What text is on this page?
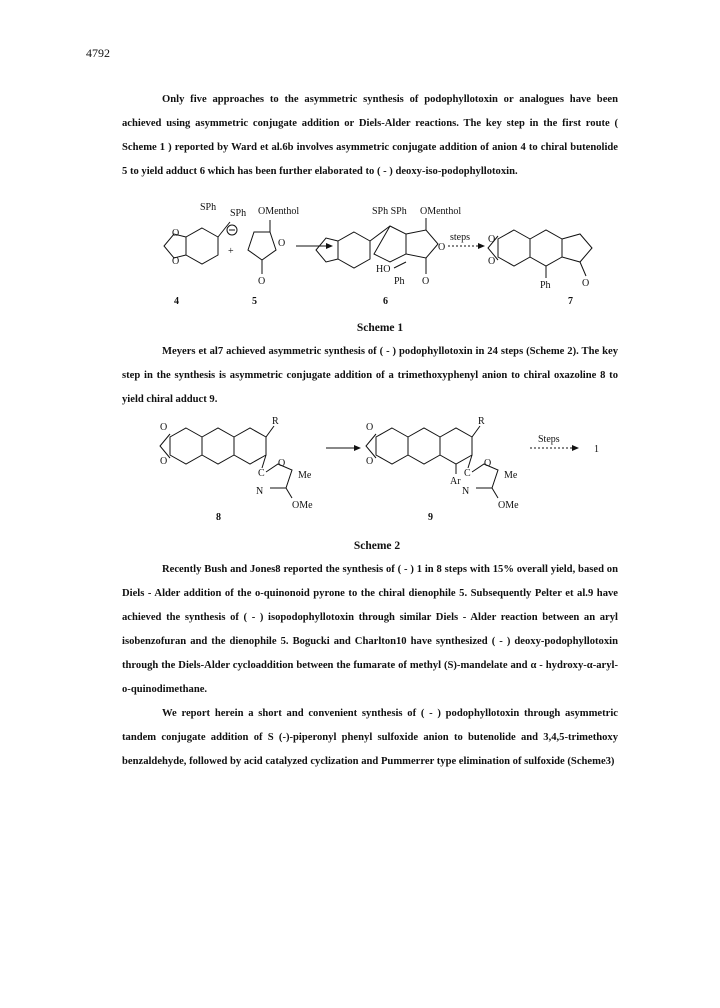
4792
Only five approaches to the asymmetric synthesis of podophyllotoxin or analogues have been achieved using asymmetric conjugate addition or Diels-Alder reactions. The key step in the first route ( Scheme 1 ) reported by Ward et al.6b involves asymmetric conjugate addition of anion 4 to chiral butenolide 5 to yield adduct 6 which has been further elaborated to ( - ) deoxy-iso-podophyllotoxin.
O
O
SPh
SPh
+
O
O
OMenthol	SPh SPh OMenthol
O
HO
Ph O
steps O
O
O
Ph
4	5	6	7
Scheme 1
Meyers et al7 achieved asymmetric synthesis of ( - ) podophyllotoxin in 24 steps (Scheme 2). The key step in the synthesis is asymmetric conjugate addition of a trimethoxyphenyl anion to chiral oxazoline 8 to yield chiral adduct 9.
O
O
R
C
O
Me
N
OMe
O
O
R
Ar
C
O
Me
N
OMe
Steps
1
8	9
Scheme 2
Recently Bush and Jones8 reported the synthesis of ( - ) 1 in 8 steps with 15% overall yield, based on Diels - Alder addition of the o-quinonoid pyrone to the chiral dienophile 5. Subsequently Pelter et al.9 have achieved the synthesis of ( - ) isopodophyllotoxin through similar Diels - Alder reaction between an aryl isobenzofuran and the dienophile 5. Bogucki and Charlton10 have synthesized ( - ) deoxy-podophyllotoxin through the Diels-Alder cycloaddition between the fumarate of methyl (S)-mandelate and α - hydroxy-α-aryl-o-quinodimethane.
We report herein a short and convenient synthesis of ( - ) podophyllotoxin through asymmetric tandem conjugate addition of S (-)-piperonyl phenyl sulfoxide anion to butenolide and 3,4,5-trimethoxy benzaldehyde, followed by acid catalyzed cyclization and Pummerrer type elimination of sulfoxide (Scheme3)
